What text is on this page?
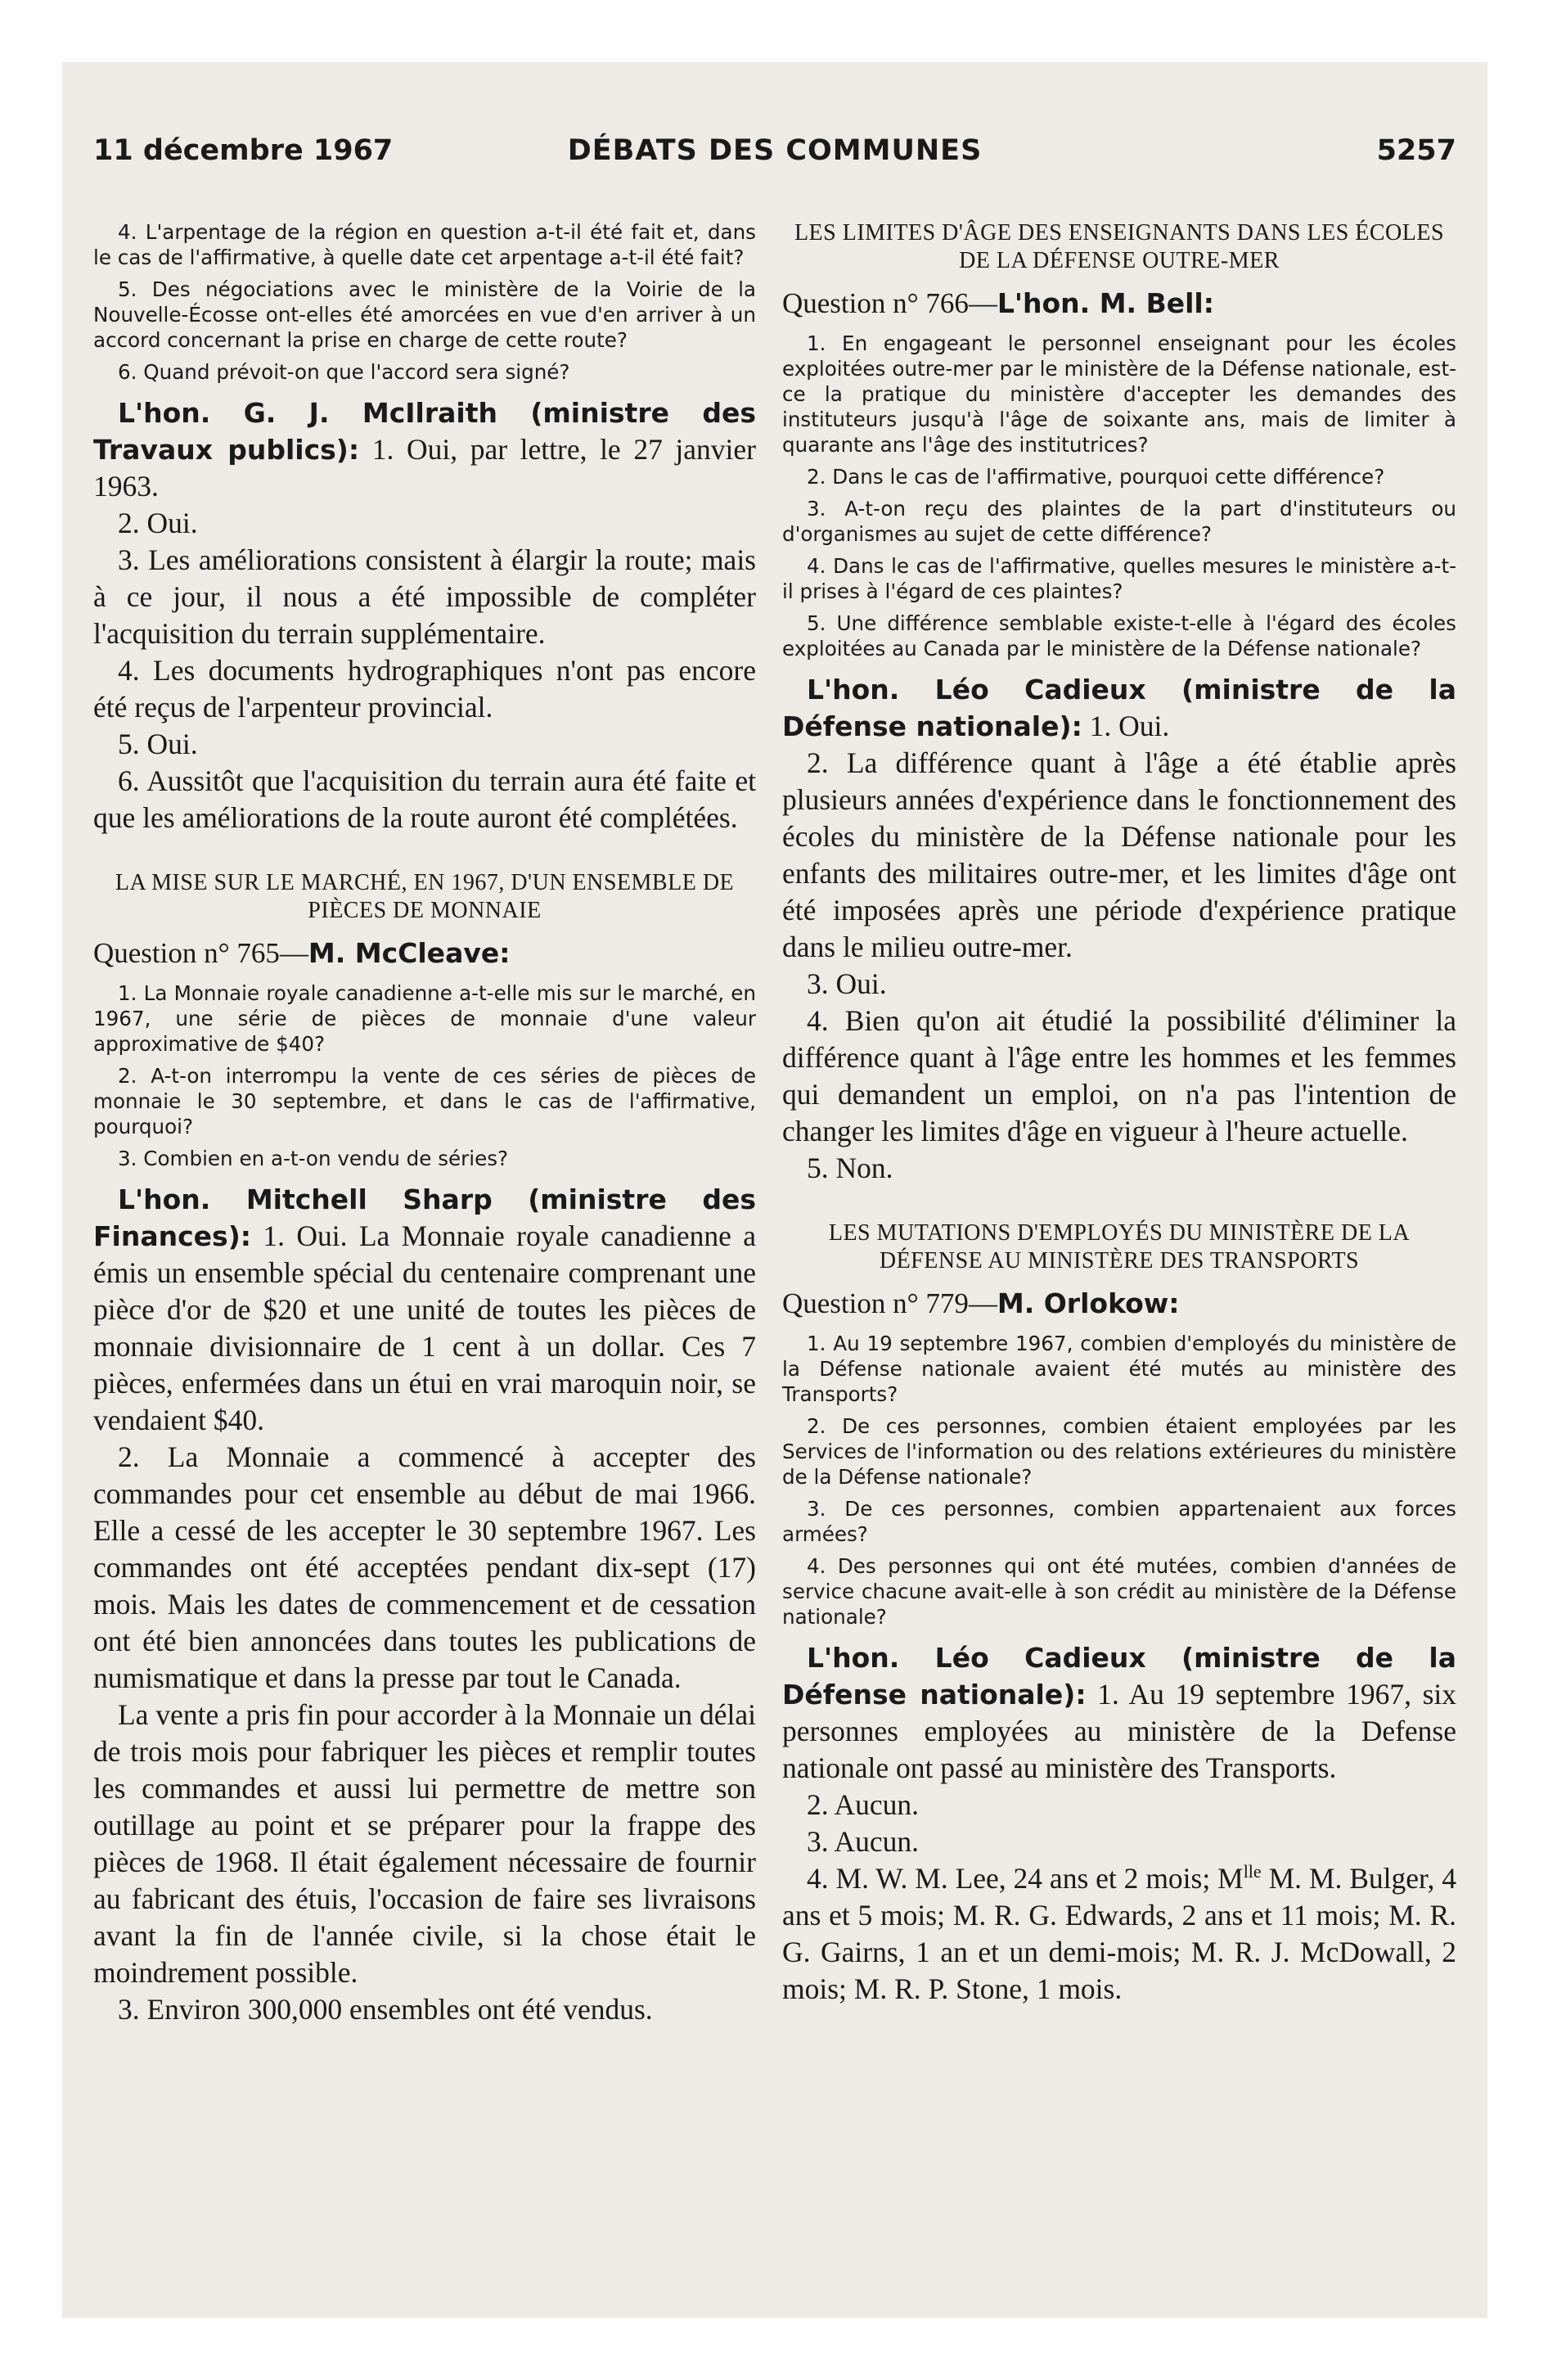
11 décembre 1967	DÉBATS DES COMMUNES	5257

4. L'arpentage de la région en question a-t-il été fait et, dans le cas de l'affirmative, à quelle date cet arpentage a-t-il été fait?

5. Des négociations avec le ministère de la Voirie de la Nouvelle-Écosse ont-elles été amorcées en vue d'en arriver à un accord concernant la prise en charge de cette route?

6. Quand prévoit-on que l'accord sera signé?

L'hon. G. J. McIlraith (ministre des Travaux publics): 1. Oui, par lettre, le 27 janvier 1963.

2. Oui.

3. Les améliorations consistent à élargir la route; mais à ce jour, il nous a été impossible de compléter l'acquisition du terrain supplémentaire.

4. Les documents hydrographiques n'ont pas encore été reçus de l'arpenteur provincial.

5. Oui.

6. Aussitôt que l'acquisition du terrain aura été faite et que les améliorations de la route auront été complétées.

LA MISE SUR LE MARCHÉ, EN 1967, D'UN ENSEMBLE DE PIÈCES DE MONNAIE

Question n° 765—M. McCleave:

1. La Monnaie royale canadienne a-t-elle mis sur le marché, en 1967, une série de pièces de monnaie d'une valeur approximative de $40?

2. A-t-on interrompu la vente de ces séries de pièces de monnaie le 30 septembre, et dans le cas de l'affirmative, pourquoi?

3. Combien en a-t-on vendu de séries?

L'hon. Mitchell Sharp (ministre des Finances): 1. Oui. La Monnaie royale canadienne a émis un ensemble spécial du centenaire comprenant une pièce d'or de $20 et une unité de toutes les pièces de monnaie divisionnaire de 1 cent à un dollar. Ces 7 pièces, enfermées dans un étui en vrai maroquin noir, se vendaient $40.

2. La Monnaie a commencé à accepter des commandes pour cet ensemble au début de mai 1966. Elle a cessé de les accepter le 30 septembre 1967. Les commandes ont été acceptées pendant dix-sept (17) mois. Mais les dates de commencement et de cessation ont été bien annoncées dans toutes les publications de numismatique et dans la presse par tout le Canada.

La vente a pris fin pour accorder à la Monnaie un délai de trois mois pour fabriquer les pièces et remplir toutes les commandes et aussi lui permettre de mettre son outillage au point et se préparer pour la frappe des pièces de 1968. Il était également nécessaire de fournir au fabricant des étuis, l'occasion de faire ses livraisons avant la fin de l'année civile, si la chose était le moindrement possible.

3. Environ 300,000 ensembles ont été vendus.

LES LIMITES D'ÂGE DES ENSEIGNANTS DANS LES ÉCOLES DE LA DÉFENSE OUTRE-MER

Question n° 766—L'hon. M. Bell:

1. En engageant le personnel enseignant pour les écoles exploitées outre-mer par le ministère de la Défense nationale, est-ce la pratique du ministère d'accepter les demandes des instituteurs jusqu'à l'âge de soixante ans, mais de limiter à quarante ans l'âge des institutrices?

2. Dans le cas de l'affirmative, pourquoi cette différence?

3. A-t-on reçu des plaintes de la part d'instituteurs ou d'organismes au sujet de cette différence?

4. Dans le cas de l'affirmative, quelles mesures le ministère a-t-il prises à l'égard de ces plaintes?

5. Une différence semblable existe-t-elle à l'égard des écoles exploitées au Canada par le ministère de la Défense nationale?

L'hon. Léo Cadieux (ministre de la Défense nationale): 1. Oui.

2. La différence quant à l'âge a été établie après plusieurs années d'expérience dans le fonctionnement des écoles du ministère de la Défense nationale pour les enfants des militaires outre-mer, et les limites d'âge ont été imposées après une période d'expérience pratique dans le milieu outre-mer.

3. Oui.

4. Bien qu'on ait étudié la possibilité d'éliminer la différence quant à l'âge entre les hommes et les femmes qui demandent un emploi, on n'a pas l'intention de changer les limites d'âge en vigueur à l'heure actuelle.

5. Non.

LES MUTATIONS D'EMPLOYÉS DU MINISTÈRE DE LA DÉFENSE AU MINISTÈRE DES TRANSPORTS

Question n° 779—M. Orlokow:

1. Au 19 septembre 1967, combien d'employés du ministère de la Défense nationale avaient été mutés au ministère des Transports?

2. De ces personnes, combien étaient employées par les Services de l'information ou des relations extérieures du ministère de la Défense nationale?

3. De ces personnes, combien appartenaient aux forces armées?

4. Des personnes qui ont été mutées, combien d'années de service chacune avait-elle à son crédit au ministère de la Défense nationale?

L'hon. Léo Cadieux (ministre de la Défense nationale): 1. Au 19 septembre 1967, six personnes employées au ministère de la Defense nationale ont passé au ministère des Transports.

2. Aucun.

3. Aucun.

4. M. W. M. Lee, 24 ans et 2 mois; $M^{lle}$ M. M. Bulger, 4 ans et 5 mois; M. R. G. Edwards, 2 ans et 11 mois; M. R. G. Gairns, 1 an et un demi-mois; M. R. J. McDowall, 2 mois; M. R. P. Stone, 1 mois.
